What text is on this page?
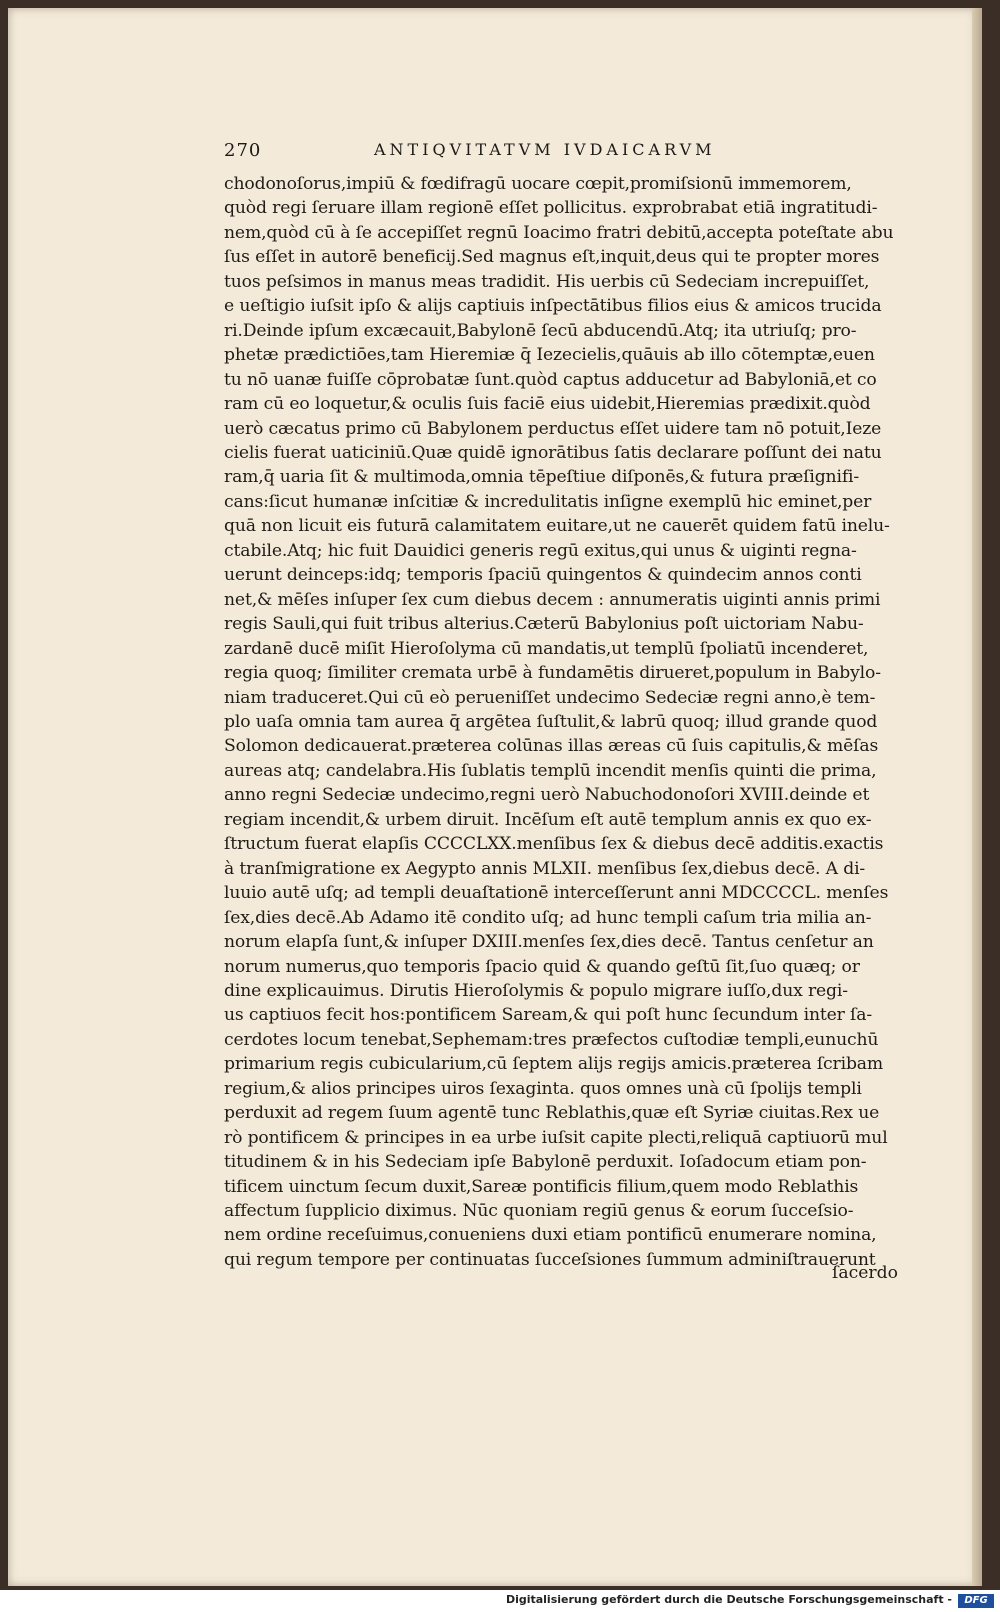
270	ANTIQVITATVM IVDAICARVM
chodonoſorus,impiū & fœdifragū uocare cœpit,promiſsionū immemorem,
quòd regi ſeruare illam regionē eſſet pollicitus. exprobrabat etiā ingratitudi-
nem,quòd cū à ſe accepiſſet regnū Ioacimo fratri debitū,accepta poteſtate abu
ſus eſſet in autorē beneficij.Sed magnus eſt,inquit,deus qui te propter mores
tuos peſsimos in manus meas tradidit. His uerbis cū Sedeciam increpuiſſet,
e ueſtigio iuſsit ipſo & alijs captiuis inſpectātibus filios eius & amicos trucida
ri.Deinde ipſum excæcauit,Babylonē ſecū abducendū.Atq; ita utriuſq; pro-
phetæ prædictiōes,tam Hieremiæ q̄ Iezecielis,quāuis ab illo cōtemptæ,euen
tu nō uanæ fuiſſe cōprobatæ ſunt.quòd captus adducetur ad Babyloniā,et co
ram cū eo loquetur,& oculis ſuis faciē eius uidebit,Hieremias prædixit.quòd
uerò cæcatus primo cū Babylonem perductus eſſet uidere tam nō potuit,Ieze
cielis fuerat uaticiniū.Quæ quidē ignorātibus ſatis declarare poſſunt dei natu
ram,q̄ uaria ſit & multimoda,omnia tēpeſtiue diſponēs,& futura præſignifi-
cans:ſicut humanæ inſcitiæ & incredulitatis inſigne exemplū hic eminet,per
quā non licuit eis futurā calamitatem euitare,ut ne cauerēt quidem fatū inelu-
ctabile.Atq; hic fuit Dauidici generis regū exitus,qui unus & uiginti regna-
uerunt deinceps:idq; temporis ſpaciū quingentos & quindecim annos conti
net,& mēſes inſuper ſex cum diebus decem : annumeratis uiginti annis primi
regis Sauli,qui fuit tribus alterius.Cæterū Babylonius poſt uictoriam Nabu-
zardanē ducē miſit Hieroſolyma cū mandatis,ut templū ſpoliatū incenderet,
regia quoq; ſimiliter cremata urbē à fundamētis dirueret,populum in Babylo-
niam traduceret.Qui cū eò perueniſſet undecimo Sedeciæ regni anno,è tem-
plo uaſa omnia tam aurea q̄ argētea ſuſtulit,& labrū quoq; illud grande quod
Solomon dedicauerat.præterea colūnas illas æreas cū ſuis capitulis,& mēſas
aureas atq; candelabra.His ſublatis templū incendit menſis quinti die prima,
anno regni Sedeciæ undecimo,regni uerò Nabuchodonoſori XVIII.deinde et
regiam incendit,& urbem diruit. Incēſum eſt autē templum annis ex quo ex-
ſtructum fuerat elapſis CCCCLXX.menſibus ſex & diebus decē additis.exactis
à tranſmigratione ex Aegypto annis MLXII. menſibus ſex,diebus decē. A di-
luuio autē uſq; ad templi deuaſtationē interceſſerunt anni MDCCCCL. menſes
ſex,dies decē.Ab Adamo itē condito uſq; ad hunc templi caſum tria milia an-
norum elapſa ſunt,& inſuper DXIII.menſes ſex,dies decē. Tantus cenſetur an
norum numerus,quo temporis ſpacio quid & quando geſtū ſit,ſuo quæq; or
dine explicauimus. Dirutis Hieroſolymis & populo migrare iuſſo,dux regi-
us captiuos fecit hos:pontificem Saream,& qui poſt hunc ſecundum inter ſa-
cerdotes locum tenebat,Sephemam:tres præfectos cuſtodiæ templi,eunuchū
primarium regis cubicularium,cū ſeptem alijs regijs amicis.præterea ſcribam
regium,& alios principes uiros ſexaginta. quos omnes unà cū ſpolijs templi
perduxit ad regem ſuum agentē tunc Reblathis,quæ eſt Syriæ ciuitas.Rex ue
rò pontificem & principes in ea urbe iuſsit capite plecti,reliquā captiuorū mul
titudinem & in his Sedeciam ipſe Babylonē perduxit. Ioſadocum etiam pon-
tificem uinctum ſecum duxit,Sareæ pontificis filium,quem modo Reblathis
affectum ſupplicio diximus. Nūc quoniam regiū genus & eorum ſucceſsio-
nem ordine receſuimus,conueniens duxi etiam pontificū enumerare nomina,
qui regum tempore per continuatas ſucceſsiones ſummum adminiſtrauerunt
ſacerdo
Digitalisierung gefördert durch die Deutsche Forschungsgemeinschaft -	DFG
